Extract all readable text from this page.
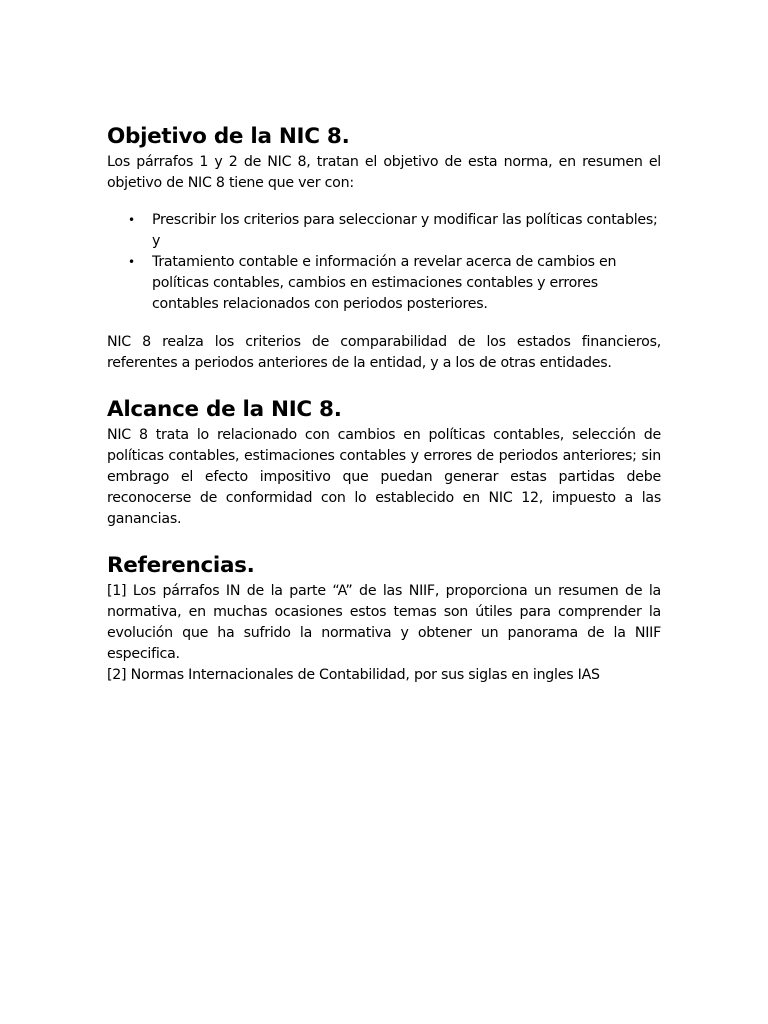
Objetivo de la NIC 8.

Los párrafos 1 y 2 de NIC 8, tratan el objetivo de esta norma, en resumen el objetivo de NIC 8 tiene que ver con:

• Prescribir los criterios para seleccionar y modificar las políticas contables; y
• Tratamiento contable e información a revelar acerca de cambios en políticas contables, cambios en estimaciones contables y errores contables relacionados con periodos posteriores.

NIC 8 realza los criterios de comparabilidad de los estados financieros, referentes a periodos anteriores de la entidad, y a los de otras entidades.

Alcance de la NIC 8.

NIC 8 trata lo relacionado con cambios en políticas contables, selección de políticas contables, estimaciones contables y errores de periodos anteriores; sin embrago el efecto impositivo que puedan generar estas partidas debe reconocerse de conformidad con lo establecido en NIC 12, impuesto a las ganancias.

Referencias.

[1] Los párrafos IN de la parte “A” de las NIIF, proporciona un resumen de la normativa, en muchas ocasiones estos temas son útiles para comprender la evolución que ha sufrido la normativa y obtener un panorama de la NIIF especifica.

[2] Normas Internacionales de Contabilidad, por sus siglas en ingles IAS
